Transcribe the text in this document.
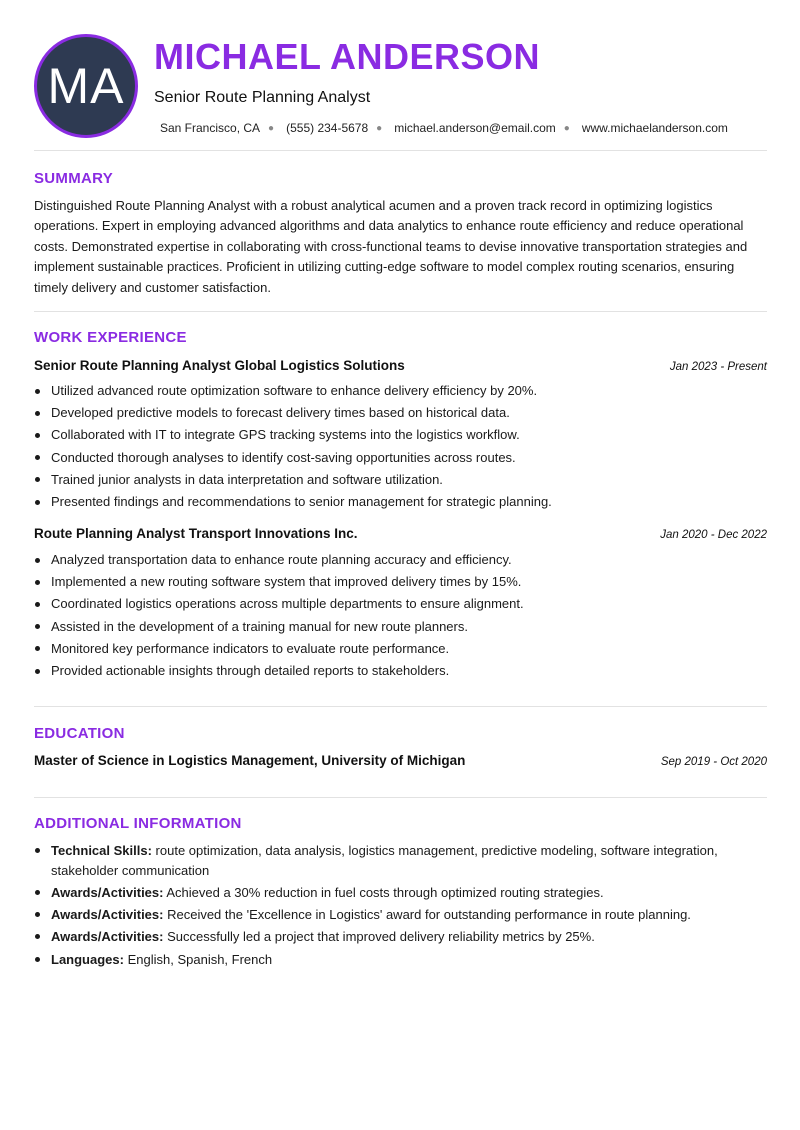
MA
MICHAEL ANDERSON
Senior Route Planning Analyst
San Francisco, CA ● (555) 234-5678 ● michael.anderson@email.com ● www.michaelanderson.com
SUMMARY
Distinguished Route Planning Analyst with a robust analytical acumen and a proven track record in optimizing logistics operations. Expert in employing advanced algorithms and data analytics to enhance route efficiency and reduce operational costs. Demonstrated expertise in collaborating with cross-functional teams to devise innovative transportation strategies and implement sustainable practices. Proficient in utilizing cutting-edge software to model complex routing scenarios, ensuring timely delivery and customer satisfaction.
WORK EXPERIENCE
Senior Route Planning Analyst Global Logistics Solutions	Jan 2023 - Present
Utilized advanced route optimization software to enhance delivery efficiency by 20%.
Developed predictive models to forecast delivery times based on historical data.
Collaborated with IT to integrate GPS tracking systems into the logistics workflow.
Conducted thorough analyses to identify cost-saving opportunities across routes.
Trained junior analysts in data interpretation and software utilization.
Presented findings and recommendations to senior management for strategic planning.
Route Planning Analyst Transport Innovations Inc.	Jan 2020 - Dec 2022
Analyzed transportation data to enhance route planning accuracy and efficiency.
Implemented a new routing software system that improved delivery times by 15%.
Coordinated logistics operations across multiple departments to ensure alignment.
Assisted in the development of a training manual for new route planners.
Monitored key performance indicators to evaluate route performance.
Provided actionable insights through detailed reports to stakeholders.
EDUCATION
Master of Science in Logistics Management, University of Michigan	Sep 2019 - Oct 2020
ADDITIONAL INFORMATION
Technical Skills: route optimization, data analysis, logistics management, predictive modeling, software integration, stakeholder communication
Awards/Activities: Achieved a 30% reduction in fuel costs through optimized routing strategies.
Awards/Activities: Received the 'Excellence in Logistics' award for outstanding performance in route planning.
Awards/Activities: Successfully led a project that improved delivery reliability metrics by 25%.
Languages: English, Spanish, French
